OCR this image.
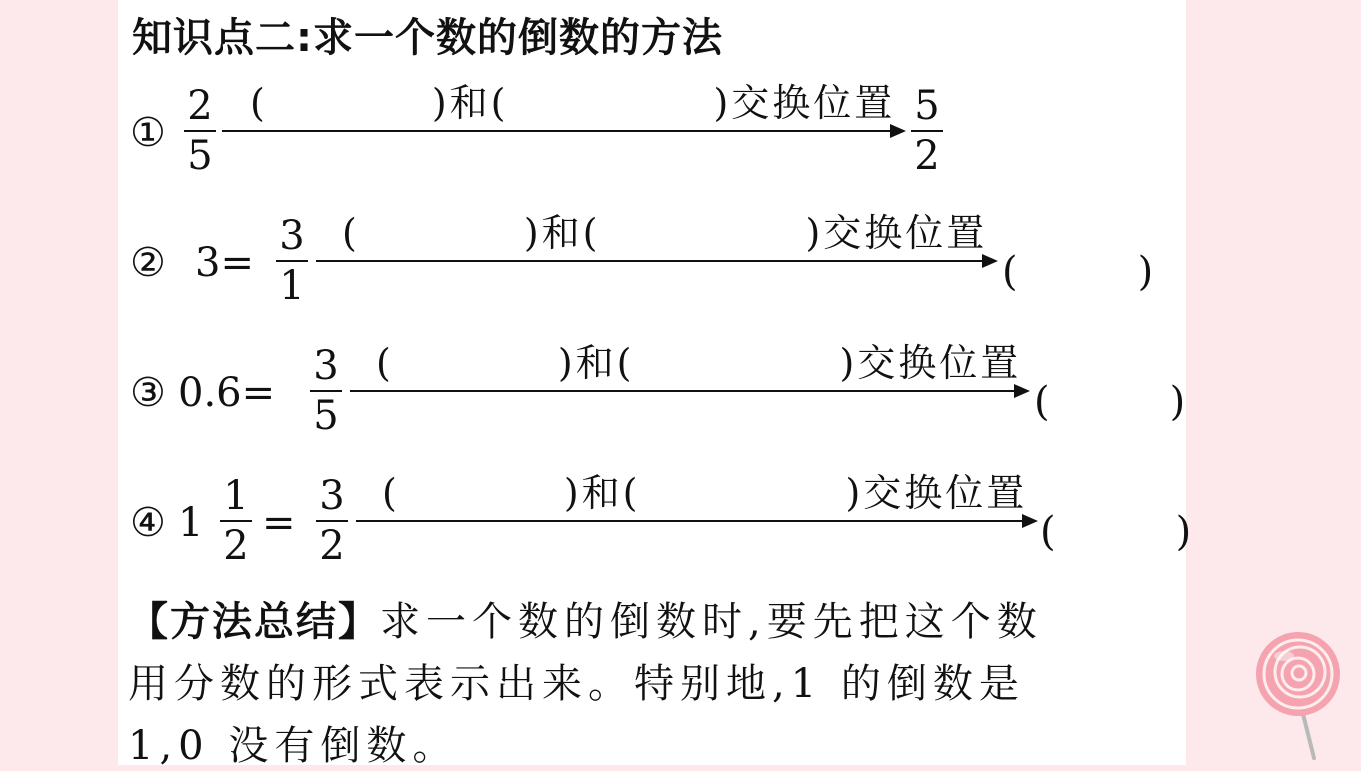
知识点二:求一个数的倒数的方法
①
2
5
(　　　　)和(　　　　　)交换位置 5
2
② 3=
3
1
(　　　　)和(　　　　　)交换位置
(　　　)
③ 0.6=
3
5
(　　　　)和(　　　　　)交换位置
(　　　)
④ 1
1
2 =
3
2
(　　　　)和(　　　　　)交换位置
(　　　)
【方法总结】求一个数的倒数时,要先把这个数
用分数的形式表示出来。特别地,1 的倒数是
1,0 没有倒数。
